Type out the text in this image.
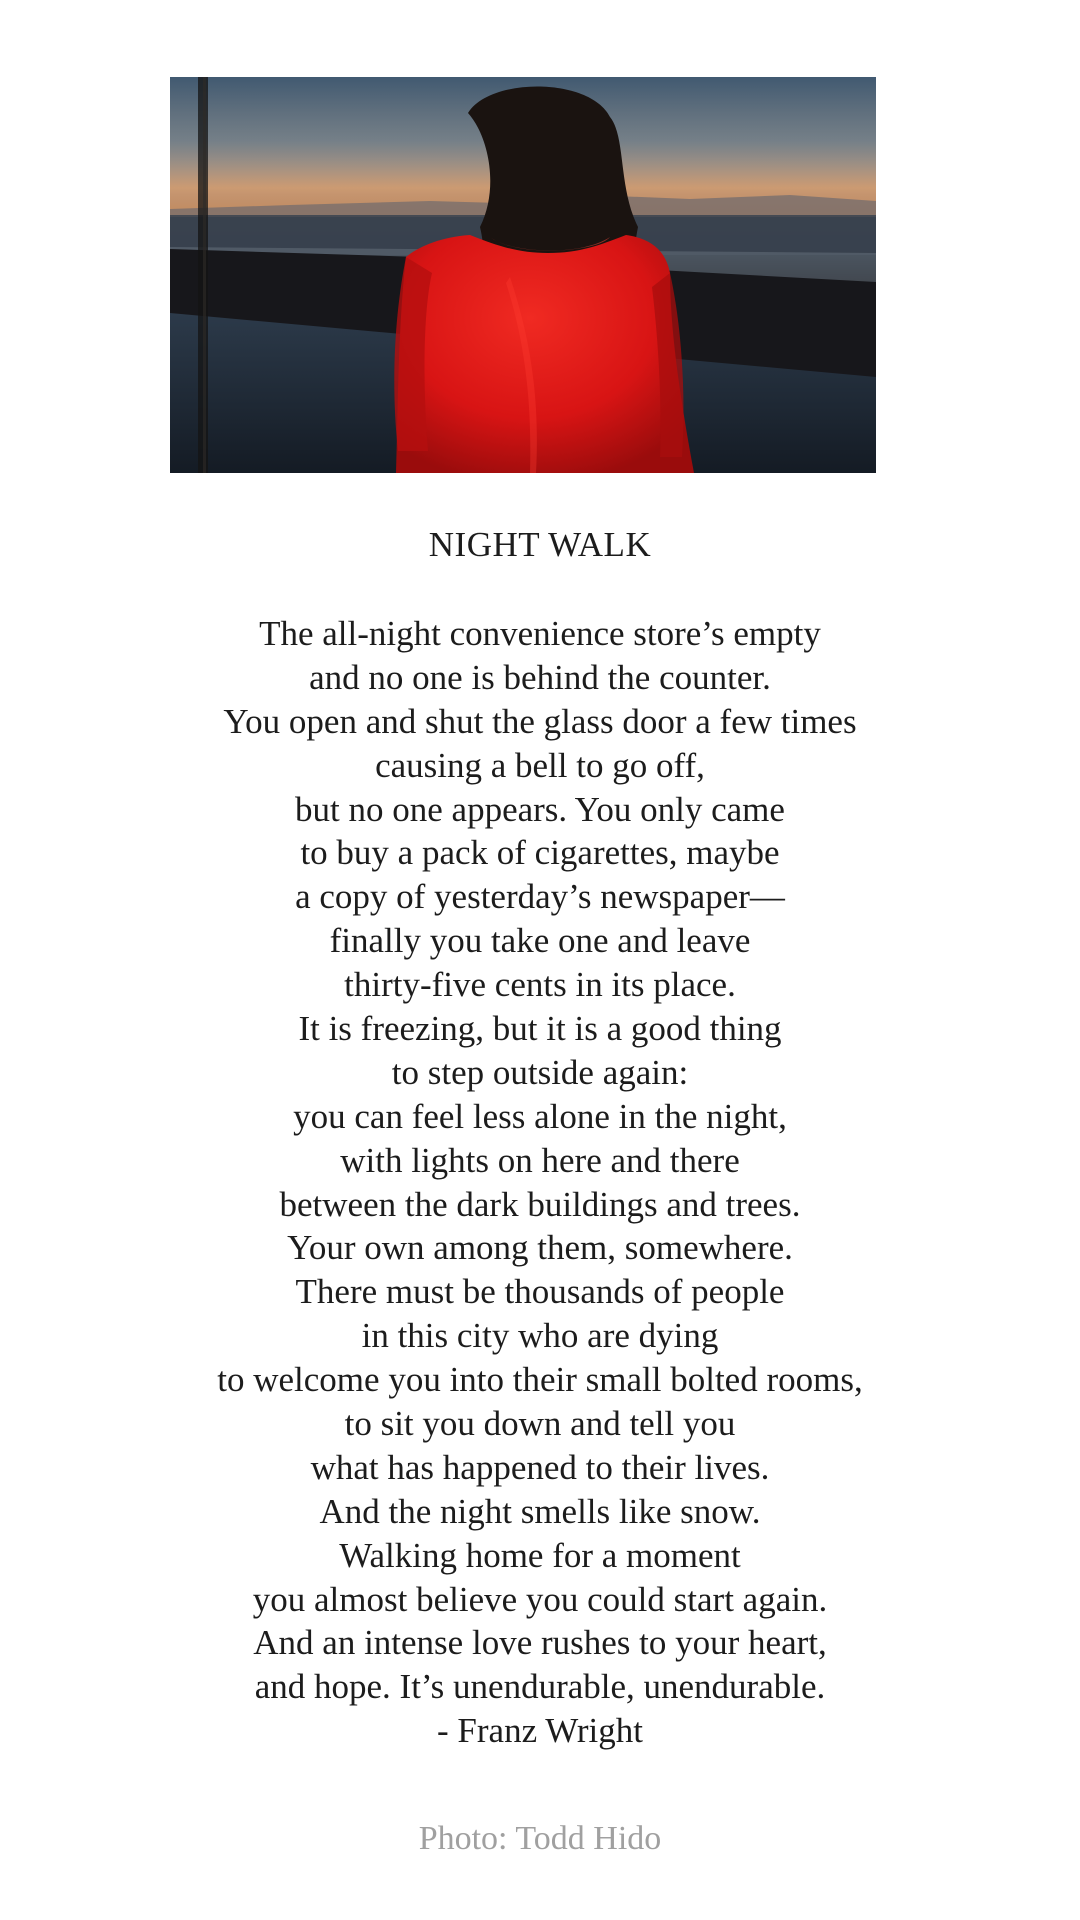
NIGHT WALK
The all-night convenience store’s empty
and no one is behind the counter.
You open and shut the glass door a few times
causing a bell to go off,
but no one appears. You only came
to buy a pack of cigarettes, maybe
a copy of yesterday’s newspaper—
finally you take one and leave
thirty-five cents in its place.
It is freezing, but it is a good thing
to step outside again:
you can feel less alone in the night,
with lights on here and there
between the dark buildings and trees.
Your own among them, somewhere.
There must be thousands of people
in this city who are dying
to welcome you into their small bolted rooms,
to sit you down and tell you
what has happened to their lives.
And the night smells like snow.
Walking home for a moment
you almost believe you could start again.
And an intense love rushes to your heart,
and hope. It’s unendurable, unendurable.
- Franz Wright
Photo: Todd Hido
